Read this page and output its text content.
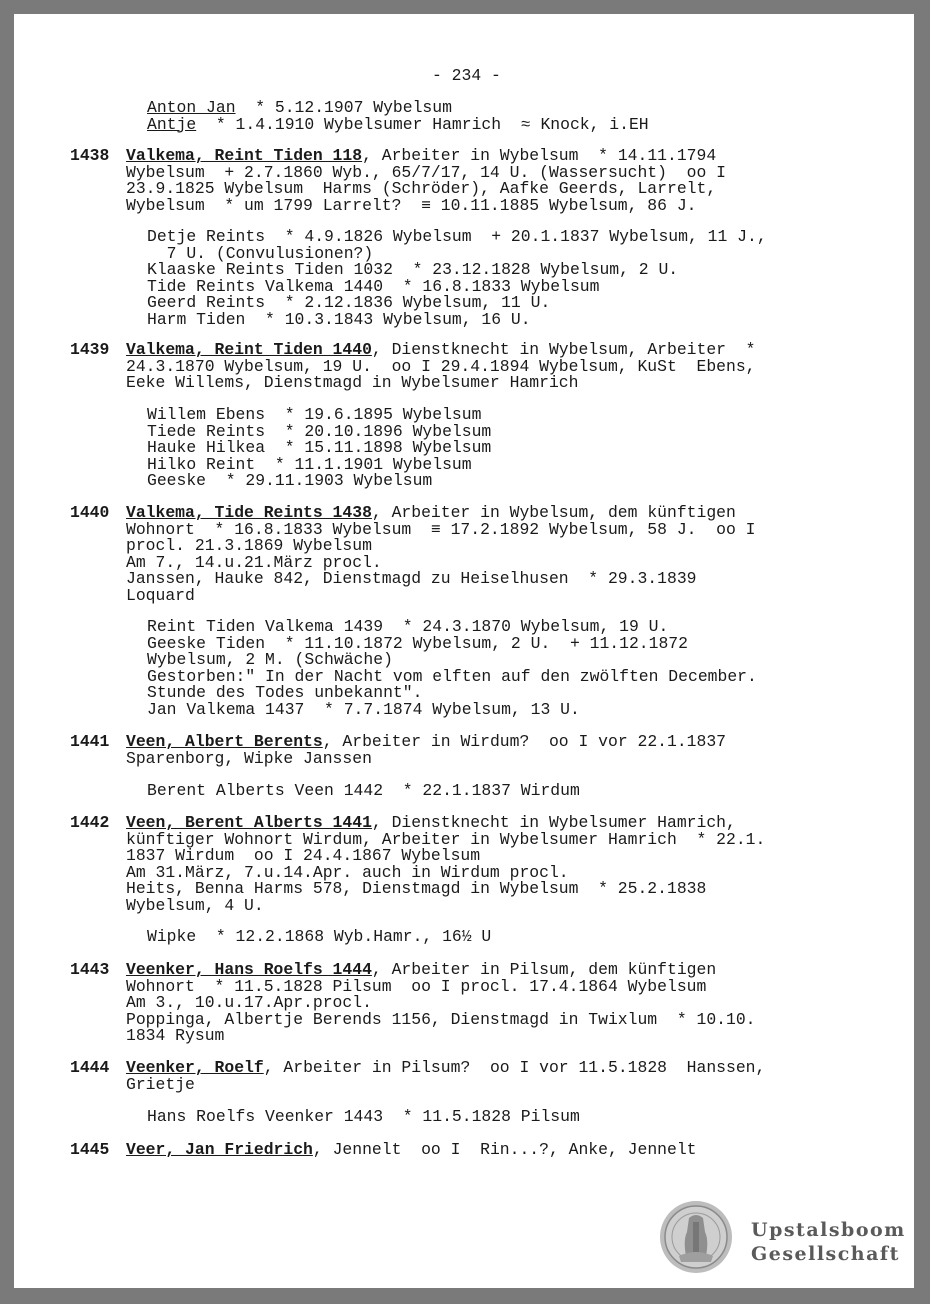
- 234 -

Anton Jan  * 5.12.1907 Wybelsum
Antje  * 1.4.1910 Wybelsumer Hamrich  ≈ Knock, i.EH

1438 Valkema, Reint Tiden 118, Arbeiter in Wybelsum  * 14.11.1794
Wybelsum  + 2.7.1860 Wyb., 65/7/17, 14 U. (Wassersucht)  oo I
23.9.1825 Wybelsum  Harms (Schröder), Aafke Geerds, Larrelt,
Wybelsum  * um 1799 Larrelt?  ≡ 10.11.1885 Wybelsum, 86 J.

Detje Reints  * 4.9.1826 Wybelsum  + 20.1.1837 Wybelsum, 11 J.,
7 U. (Convulusionen?)
Klaaske Reints Tiden 1032  * 23.12.1828 Wybelsum, 2 U.
Tide Reints Valkema 1440  * 16.8.1833 Wybelsum
Geerd Reints  * 2.12.1836 Wybelsum, 11 U.
Harm Tiden  * 10.3.1843 Wybelsum, 16 U.

1439 Valkema, Reint Tiden 1440, Dienstknecht in Wybelsum, Arbeiter  *
24.3.1870 Wybelsum, 19 U.  oo I 29.4.1894 Wybelsum, KuSt  Ebens,
Eeke Willems, Dienstmagd in Wybelsumer Hamrich

Willem Ebens  * 19.6.1895 Wybelsum
Tiede Reints  * 20.10.1896 Wybelsum
Hauke Hilkea  * 15.11.1898 Wybelsum
Hilko Reint  * 11.1.1901 Wybelsum
Geeske  * 29.11.1903 Wybelsum

1440 Valkema, Tide Reints 1438, Arbeiter in Wybelsum, dem künftigen
Wohnort  * 16.8.1833 Wybelsum  ≡ 17.2.1892 Wybelsum, 58 J.  oo I
procl. 21.3.1869 Wybelsum
Am 7., 14.u.21.März procl.
Janssen, Hauke 842, Dienstmagd zu Heiselhusen  * 29.3.1839
Loquard

Reint Tiden Valkema 1439  * 24.3.1870 Wybelsum, 19 U.
Geeske Tiden  * 11.10.1872 Wybelsum, 2 U.  + 11.12.1872
Wybelsum, 2 M. (Schwäche)
Gestorben:" In der Nacht vom elften auf den zwölften December.
Stunde des Todes unbekannt".
Jan Valkema 1437  * 7.7.1874 Wybelsum, 13 U.

1441 Veen, Albert Berents, Arbeiter in Wirdum?  oo I vor 22.1.1837
Sparenborg, Wipke Janssen

Berent Alberts Veen 1442  * 22.1.1837 Wirdum

1442 Veen, Berent Alberts 1441, Dienstknecht in Wybelsumer Hamrich,
künftiger Wohnort Wirdum, Arbeiter in Wybelsumer Hamrich  * 22.1.
1837 Wirdum  oo I 24.4.1867 Wybelsum
Am 31.März, 7.u.14.Apr. auch in Wirdum procl.
Heits, Benna Harms 578, Dienstmagd in Wybelsum  * 25.2.1838
Wybelsum, 4 U.

Wipke  * 12.2.1868 Wyb.Hamr., 16½ U

1443 Veenker, Hans Roelfs 1444, Arbeiter in Pilsum, dem künftigen
Wohnort  * 11.5.1828 Pilsum  oo I procl. 17.4.1864 Wybelsum
Am 3., 10.u.17.Apr.procl.
Poppinga, Albertje Berends 1156, Dienstmagd in Twixlum  * 10.10.
1834 Rysum

1444 Veenker, Roelf, Arbeiter in Pilsum?  oo I vor 11.5.1828  Hanssen,
Grietje

Hans Roelfs Veenker 1443  * 11.5.1828 Pilsum

1445 Veer, Jan Friedrich, Jennelt  oo I  Rin...?, Anke, Jennelt

Upstalsboom
Gesellschaft
